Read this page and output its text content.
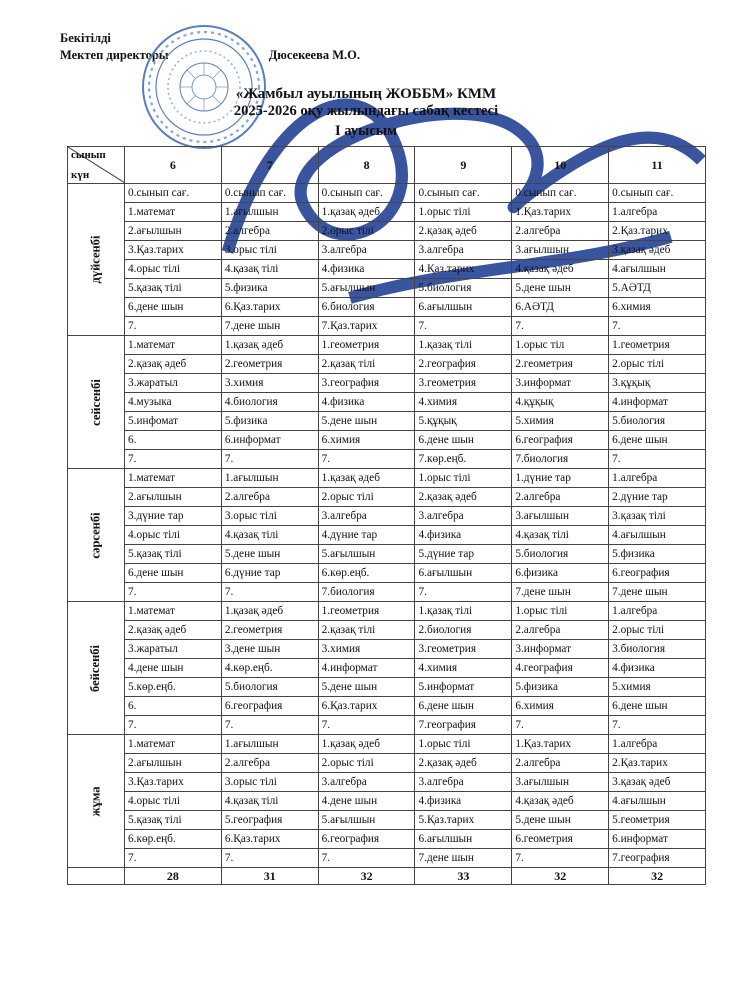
Бекітілді
Мектеп директоры	Дюсекеева М.О.
«Жамбыл ауылының ЖОББМ» КММ
2025-2026 оқу жылындағы сабақ кестесі
I ауысым
сынып
күн	6	7	8	9	10	11
дүйсенбі	0.сынып сағ.	0.сынып сағ.	0.сынып сағ.	0.сынып сағ.	0.сынып сағ.	0.сынып сағ.
	1.математ	1.ағылшын	1.қазақ әдеб	1.орыс тілі	1.Қаз.тарих	1.алгебра
	2.ағылшын	2.алгебра	2.орыс тілі	2.қазақ әдеб	2.алгебра	2.Қаз.тарих
	3.Қаз.тарих	3.орыс тілі	3.алгебра	3.алгебра	3.ағылшын	3.қазақ әдеб
	4.орыс тілі	4.қазақ тілі	4.физика	4.Қаз.тарих	4.қазақ әдеб	4.ағылшын
	5.қазақ тілі	5.физика	5.ағылшын	5.биология	5.дене шын	5.АӘТД
	6.дене шын	6.Қаз.тарих	6.биология	6.ағылшын	6.АӘТД	6.химия
	7.	7.дене шын	7.Қаз.тарих	7.	7.	7.
сейсенбі	1.математ	1.қазақ әдеб	1.геометрия	1.қазақ тілі	1.орыс тіл	1.геометрия
	2.қазақ әдеб	2.геометрия	2.қазақ тілі	2.география	2.геометрия	2.орыс тілі
	3.жаратыл	3.химия	3.география	3.геометрия	3.информат	3.құқық
	4.музыка	4.биология	4.физика	4.химия	4.құқық	4.информат
	5.инфомат	5.физика	5.дене шын	5.құқық	5.химия	5.биология
	6.	6.информат	6.химия	6.дене шын	6.география	6.дене шын
	7.	7.	7.	7.көр.еңб.	7.биология	7.
сәрсенбі	1.математ	1.ағылшын	1.қазақ әдеб	1.орыс тілі	1.дүние тар	1.алгебра
	2.ағылшын	2.алгебра	2.орыс тілі	2.қазақ әдеб	2.алгебра	2.дүние тар
	3.дүние тар	3.орыс тілі	3.алгебра	3.алгебра	3.ағылшын	3.қазақ тілі
	4.орыс тілі	4.қазақ тілі	4.дүние тар	4.физика	4.қазақ тілі	4.ағылшын
	5.қазақ тілі	5.дене шын	5.ағылшын	5.дүние тар	5.биология	5.физика
	6.дене шын	6.дүние тар	6.көр.еңб.	6.ағылшын	6.физика	6.география
	7.	7.	7.биология	7.	7.дене шын	7.дене шын
бейсенбі	1.математ	1.қазақ әдеб	1.геометрия	1.қазақ тілі	1.орыс тілі	1.алгебра
	2.қазақ әдеб	2.геометрия	2.қазақ тілі	2.биология	2.алгебра	2.орыс тілі
	3.жаратыл	3.дене шын	3.химия	3.геометрия	3.информат	3.биология
	4.дене шын	4.көр.еңб.	4.информат	4.химия	4.география	4.физика
	5.көр.еңб.	5.биология	5.дене шын	5.информат	5.физика	5.химия
	6.	6.география	6.Қаз.тарих	6.дене шын	6.химия	6.дене шын
	7.	7.	7.	7.география	7.	7.
жұма	1.математ	1.ағылшын	1.қазақ әдеб	1.орыс тілі	1.Қаз.тарих	1.алгебра
	2.ағылшын	2.алгебра	2.орыс тілі	2.қазақ әдеб	2.алгебра	2.Қаз.тарих
	3.Қаз.тарих	3.орыс тілі	3.алгебра	3.алгебра	3.ағылшын	3.қазақ әдеб
	4.орыс тілі	4.қазақ тілі	4.дене шын	4.физика	4.қазақ әдеб	4.ағылшын
	5.қазақ тілі	5.география	5.ағылшын	5.Қаз.тарих	5.дене шын	5.геометрия
	6.көр.еңб.	6.Қаз.тарих	6.география	6.ағылшын	6.геометрия	6.информат
	7.	7.	7.	7.дене шын	7.	7.география
	28	31	32	33	32	32
